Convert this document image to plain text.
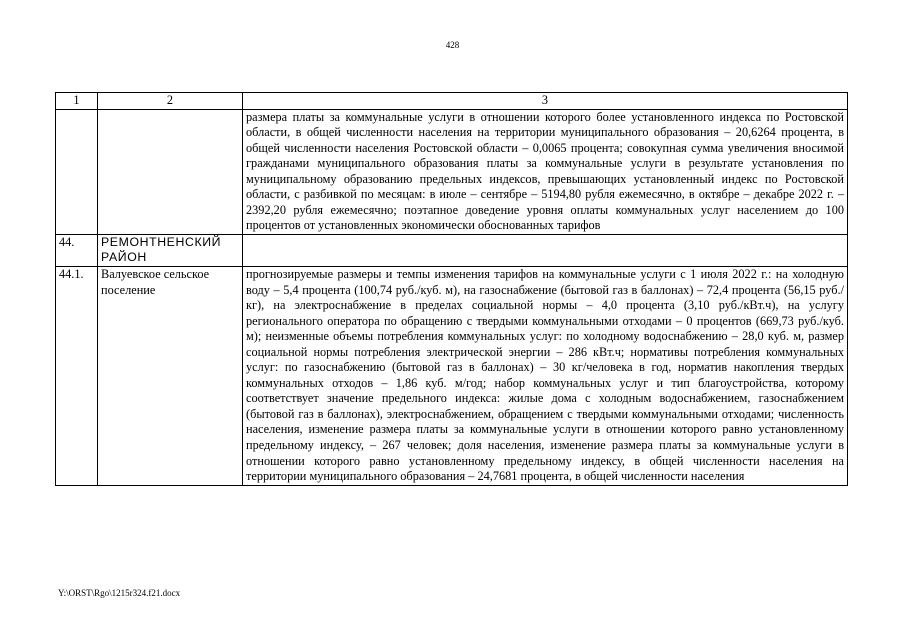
428
1	2	3
		размера платы за коммунальные услуги в отношении которого более установленного индекса по Ростовской области, в общей численности населения на территории муниципального образования – 20,6264 процента, в общей численности населения Ростовской области – 0,0065 процента; совокупная сумма увеличения вносимой гражданами муниципального образования платы за коммунальные услуги в результате установления по муниципальному образованию предельных индексов, превышающих установленный индекс по Ростовской области, с разбивкой по месяцам: в июле – сентябре – 5194,80 рубля ежемесячно, в октябре – декабре 2022 г. – 2392,20 рубля ежемесячно; поэтапное доведение уровня оплаты коммунальных услуг населением до 100 процентов от установленных экономически обоснованных тарифов
44.	РЕМОНТНЕНСКИЙ РАЙОН	
44.1.	Валуевское сельское поселение	прогнозируемые размеры и темпы изменения тарифов на коммунальные услуги с 1 июля 2022 г.: на холодную воду – 5,4 процента (100,74 руб./куб. м), на газоснабжение (бытовой газ в баллонах) – 72,4 процента (56,15 руб./кг), на электроснабжение в пределах социальной нормы – 4,0 процента (3,10 руб./кВт.ч), на услугу регионального оператора по обращению с твердыми коммунальными отходами – 0 процентов (669,73 руб./куб. м); неизменные объемы потребления коммунальных услуг: по холодному водоснабжению – 28,0 куб. м, размер социальной нормы потребления электрической энергии – 286 кВт.ч; нормативы потребления коммунальных услуг: по газоснабжению (бытовой газ в баллонах) – 30 кг/человека в год, норматив накопления твердых коммунальных отходов – 1,86 куб. м/год; набор коммунальных услуг и тип благоустройства, которому соответствует значение предельного индекса: жилые дома с холодным водоснабжением, газоснабжением (бытовой газ в баллонах), электроснабжением, обращением с твердыми коммунальными отходами; численность населения, изменение размера платы за коммунальные услуги в отношении которого равно установленному предельному индексу, – 267 человек; доля населения, изменение размера платы за коммунальные услуги в отношении которого равно установленному предельному индексу, в общей численности населения на территории муниципального образования – 24,7681 процента, в общей численности населения
Y:\ORST\Rgo\1215r324.f21.docx
